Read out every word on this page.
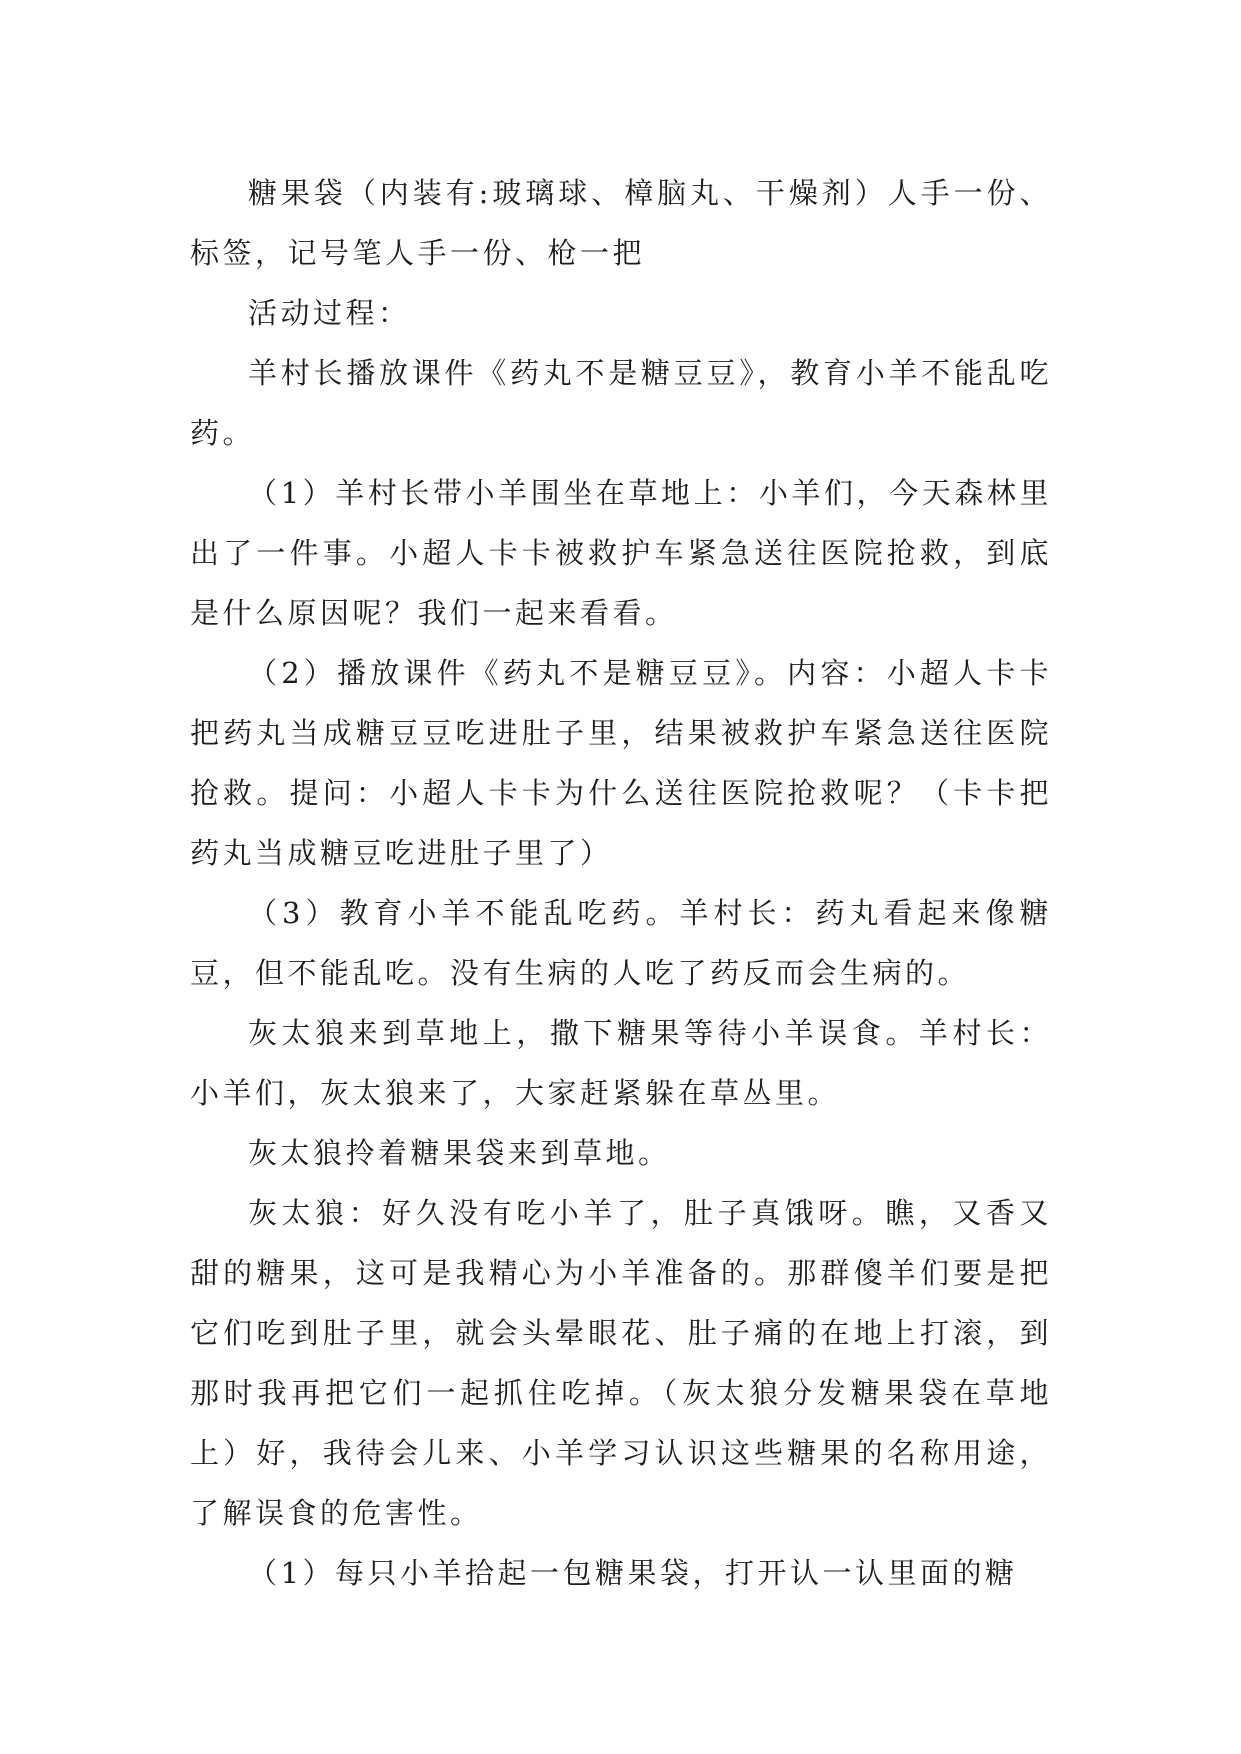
糖果袋（内装有:玻璃球、樟脑丸、干燥剂）人手一份、标签，记号笔人手一份、枪一把

活动过程：

羊村长播放课件《药丸不是糖豆豆》，教育小羊不能乱吃药。

（1）羊村长带小羊围坐在草地上：小羊们，今天森林里出了一件事。小超人卡卡被救护车紧急送往医院抢救，到底是什么原因呢？我们一起来看看。

（2）播放课件《药丸不是糖豆豆》。内容：小超人卡卡把药丸当成糖豆豆吃进肚子里，结果被救护车紧急送往医院抢救。提问：小超人卡卡为什么送往医院抢救呢？（卡卡把药丸当成糖豆吃进肚子里了）

（3）教育小羊不能乱吃药。羊村长：药丸看起来像糖豆，但不能乱吃。没有生病的人吃了药反而会生病的。

灰太狼来到草地上，撒下糖果等待小羊误食。羊村长：小羊们，灰太狼来了，大家赶紧躲在草丛里。

灰太狼拎着糖果袋来到草地。

灰太狼：好久没有吃小羊了，肚子真饿呀。瞧，又香又甜的糖果，这可是我精心为小羊准备的。那群傻羊们要是把它们吃到肚子里，就会头晕眼花、肚子痛的在地上打滚，到那时我再把它们一起抓住吃掉。（灰太狼分发糖果袋在草地上）好，我待会儿来、小羊学习认识这些糖果的名称用途，了解误食的危害性。

（1）每只小羊拾起一包糖果袋，打开认一认里面的糖
